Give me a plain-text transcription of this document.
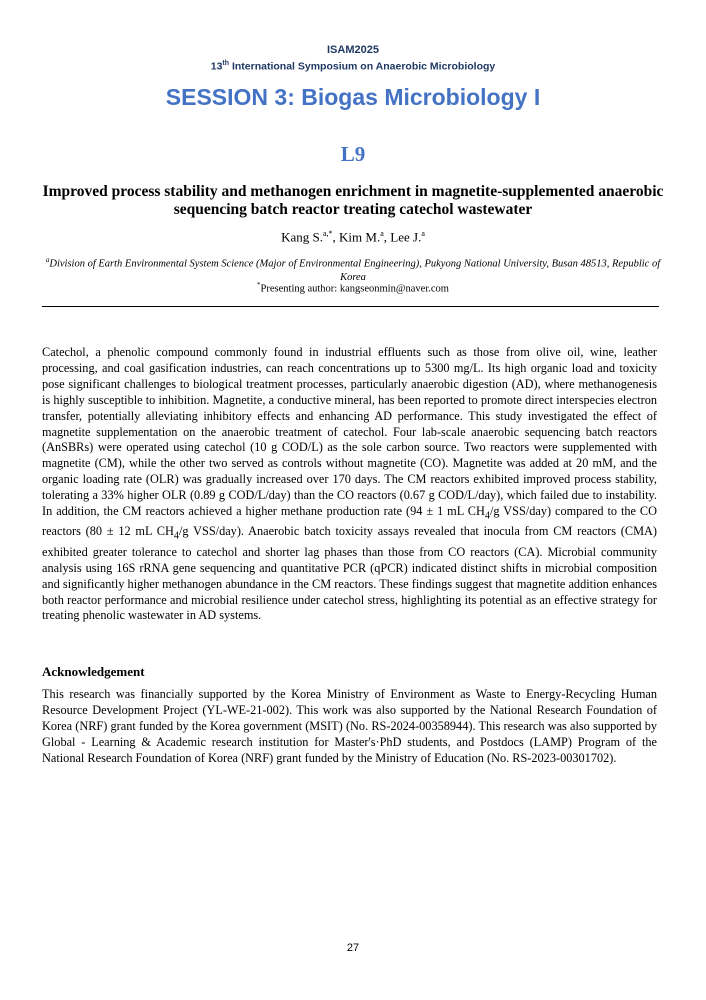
ISAM2025
13th International Symposium on Anaerobic Microbiology
SESSION 3: Biogas Microbiology I
L9
Improved process stability and methanogen enrichment in magnetite-supplemented anaerobic sequencing batch reactor treating catechol wastewater
Kang S.$^{a,*}$, Kim M.$^a$, Lee J.$^a$
$^a$Division of Earth Environmental System Science (Major of Environmental Engineering), Pukyong National University, Busan 48513, Republic of Korea
*Presenting author: kangseonmin@naver.com

Catechol, a phenolic compound commonly found in industrial effluents such as those from olive oil, wine, leather processing, and coal gasification industries, can reach concentrations up to 5300 mg/L. Its high organic load and toxicity pose significant challenges to biological treatment processes, particularly anaerobic digestion (AD), where methanogenesis is highly susceptible to inhibition. Magnetite, a conductive mineral, has been reported to promote direct interspecies electron transfer, potentially alleviating inhibitory effects and enhancing AD performance. This study investigated the effect of magnetite supplementation on the anaerobic treatment of catechol. Four lab-scale anaerobic sequencing batch reactors (AnSBRs) were operated using catechol (10 g COD/L) as the sole carbon source. Two reactors were supplemented with magnetite (CM), while the other two served as controls without magnetite (CO). Magnetite was added at 20 mM, and the organic loading rate (OLR) was gradually increased over 170 days. The CM reactors exhibited improved process stability, tolerating a 33% higher OLR (0.89 g COD/L/day) than the CO reactors (0.67 g COD/L/day), which failed due to instability. In addition, the CM reactors achieved a higher methane production rate (94 ± 1 mL $CH_4/g$ VSS/day) compared to the CO reactors (80 ± 12 mL $CH_4/g$ VSS/day). Anaerobic batch toxicity assays revealed that inocula from CM reactors (CMA) exhibited greater tolerance to catechol and shorter lag phases than those from CO reactors (CA). Microbial community analysis using 16S rRNA gene sequencing and quantitative PCR (qPCR) indicated distinct shifts in microbial composition and significantly higher methanogen abundance in the CM reactors. These findings suggest that magnetite addition enhances both reactor performance and microbial resilience under catechol stress, highlighting its potential as an effective strategy for treating phenolic wastewater in AD systems.

Acknowledgement

This research was financially supported by the Korea Ministry of Environment as Waste to Energy-Recycling Human Resource Development Project (YL-WE-21-002). This work was also supported by the National Research Foundation of Korea (NRF) grant funded by the Korea government (MSIT) (No. RS-2024-00358944). This research was also supported by Global - Learning & Academic research institution for Master's·PhD students, and Postdocs (LAMP) Program of the National Research Foundation of Korea (NRF) grant funded by the Ministry of Education (No. RS-2023-00301702).

27
